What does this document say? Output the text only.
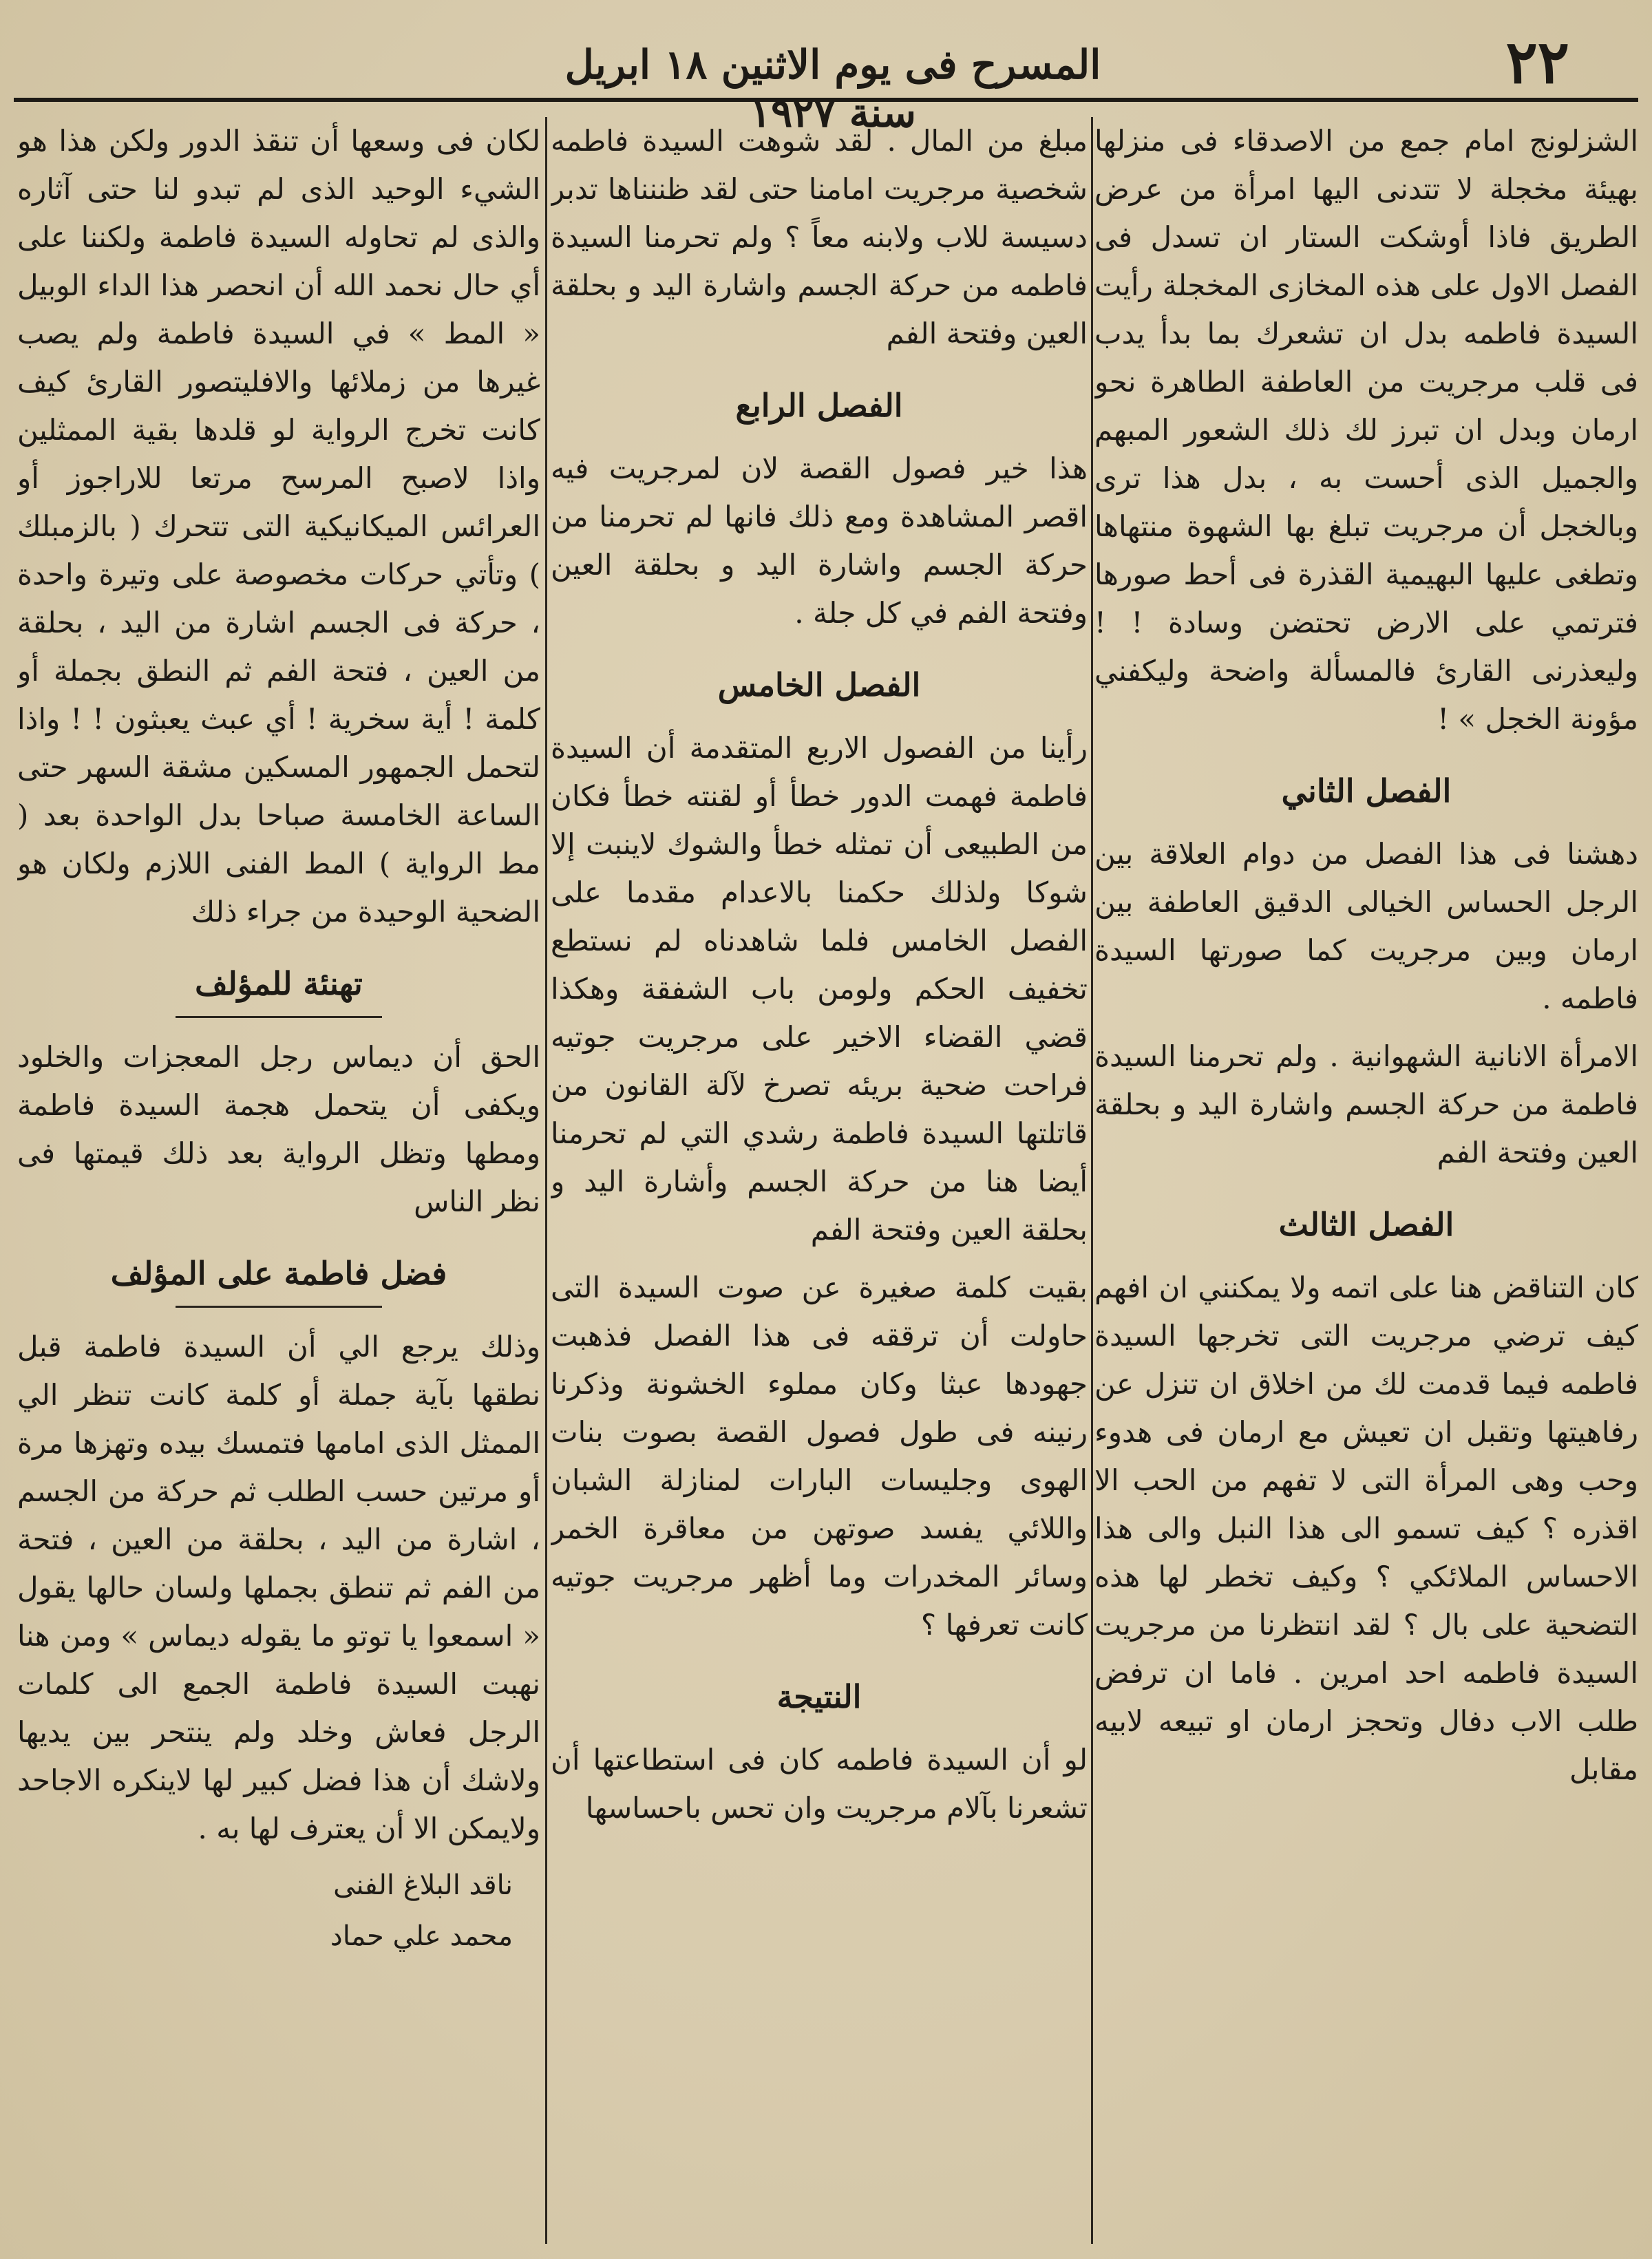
٢٢
المسرح فى يوم الاثنين ١٨ ابريل سنة ١٩٢٧

الشزلونج امام جمع من الاصدقاء فى منزلها بهيئة مخجلة لا تتدنى اليها امرأة من عرض الطريق فاذا أوشكت الستار ان تسدل فى الفصل الاول على هذه المخازى المخجلة رأيت السيدة فاطمه بدل ان تشعرك بما بدأ يدب فى قلب مرجريت من العاطفة الطاهرة نحو ارمان وبدل ان تبرز لك ذلك الشعور المبهم والجميل الذى أحست به ، بدل هذا ترى وبالخجل أن مرجريت تبلغ بها الشهوة منتهاها وتطغى عليها البهيمية القذرة فى أحط صورها فترتمي على الارض تحتضن وسادة ! ! وليعذرنى القارئ فالمسألة واضحة وليكفني مؤونة الخجل » !

الفصل الثاني

دهشنا فى هذا الفصل من دوام العلاقة بين الرجل الحساس الخيالى الدقيق العاطفة بين ارمان وبين مرجريت كما صورتها السيدة فاطمه .

الامرأة الانانية الشهوانية . ولم تحرمنا السيدة فاطمة من حركة الجسم واشارة اليد و بحلقة العين وفتحة الفم

الفصل الثالث

كان التناقض هنا على اتمه ولا يمكنني ان افهم كيف ترضي مرجريت التى تخرجها السيدة فاطمه فيما قدمت لك من اخلاق ان تنزل عن رفاهيتها وتقبل ان تعيش مع ارمان فى هدوء وحب وهى المرأة التى لا تفهم من الحب الا اقذره ؟ كيف تسمو الى هذا النبل والى هذا الاحساس الملائكي ؟ وكيف تخطر لها هذه التضحية على بال ؟ لقد انتظرنا من مرجريت السيدة فاطمه احد امرين . فاما ان ترفض طلب الاب دفال وتحجز ارمان او تبيعه لابيه مقابل

مبلغ من المال . لقد شوهت السيدة فاطمه شخصية مرجريت امامنا حتى لقد ظننناها تدبر دسيسة للاب ولابنه معاً ؟ ولم تحرمنا السيدة فاطمه من حركة الجسم واشارة اليد و بحلقة العين وفتحة الفم

الفصل الرابع

هذا خير فصول القصة لان لمرجريت فيه اقصر المشاهدة ومع ذلك فانها لم تحرمنا من حركة الجسم واشارة اليد و بحلقة العين وفتحة الفم في كل جلة .

الفصل الخامس

رأينا من الفصول الاربع المتقدمة أن السيدة فاطمة فهمت الدور خطأ أو لقنته خطأ فكان من الطبيعى أن تمثله خطأ والشوك لاينبت إلا شوكا ولذلك حكمنا بالاعدام مقدما على الفصل الخامس فلما شاهدناه لم نستطع تخفيف الحكم ولومن باب الشفقة وهكذا قضي القضاء الاخير على مرجريت جوتيه فراحت ضحية بريئه تصرخ لآلة القانون من قاتلتها السيدة فاطمة رشدي التي لم تحرمنا أيضا هنا من حركة الجسم وأشارة اليد و بحلقة العين وفتحة الفم

بقيت كلمة صغيرة عن صوت السيدة التى حاولت أن ترققه فى هذا الفصل فذهبت جهودها عبثا وكان مملوء الخشونة وذكرنا رنينه فى طول فصول القصة بصوت بنات الهوى وجليسات البارات لمنازلة الشبان واللائي يفسد صوتهن من معاقرة الخمر وسائر المخدرات وما أظهر مرجريت جوتيه كانت تعرفها ؟

النتيجة

لو أن السيدة فاطمه كان فى استطاعتها أن تشعرنا بآلام مرجريت وان تحس باحساسها

لكان فى وسعها أن تنقذ الدور ولكن هذا هو الشيء الوحيد الذى لم تبدو لنا حتى آثاره والذى لم تحاوله السيدة فاطمة ولكننا على أي حال نحمد الله أن انحصر هذا الداء الوبيل « المط » في السيدة فاطمة ولم يصب غيرها من زملائها والافليتصور القارئ كيف كانت تخرج الرواية لو قلدها بقية الممثلين واذا لاصبح المرسح مرتعا للاراجوز أو العرائس الميكانيكية التى تتحرك ( بالزمبلك ) وتأتي حركات مخصوصة على وتيرة واحدة ، حركة فى الجسم اشارة من اليد ، بحلقة من العين ، فتحة الفم ثم النطق بجملة أو كلمة ! أية سخرية ! أي عبث يعبثون ! ! واذا لتحمل الجمهور المسكين مشقة السهر حتى الساعة الخامسة صباحا بدل الواحدة بعد ( مط الرواية ) المط الفنى اللازم ولكان هو الضحية الوحيدة من جراء ذلك

تهنئة للمؤلف

الحق أن ديماس رجل المعجزات والخلود ويكفى أن يتحمل هجمة السيدة فاطمة ومطها وتظل الرواية بعد ذلك قيمتها فى نظر الناس

فضل فاطمة على المؤلف

وذلك يرجع الي أن السيدة فاطمة قبل نطقها بآية جملة أو كلمة كانت تنظر الي الممثل الذى امامها فتمسك بيده وتهزها مرة أو مرتين حسب الطلب ثم حركة من الجسم ، اشارة من اليد ، بحلقة من العين ، فتحة من الفم ثم تنطق بجملها ولسان حالها يقول « اسمعوا يا توتو ما يقوله ديماس » ومن هنا نهبت السيدة فاطمة الجمع الى كلمات الرجل فعاش وخلد ولم ينتحر بين يديها ولاشك أن هذا فضل كبير لها لاينكره الاجاحد ولايمكن الا أن يعترف لها به .

ناقد البلاغ الفنى
محمد علي حماد
